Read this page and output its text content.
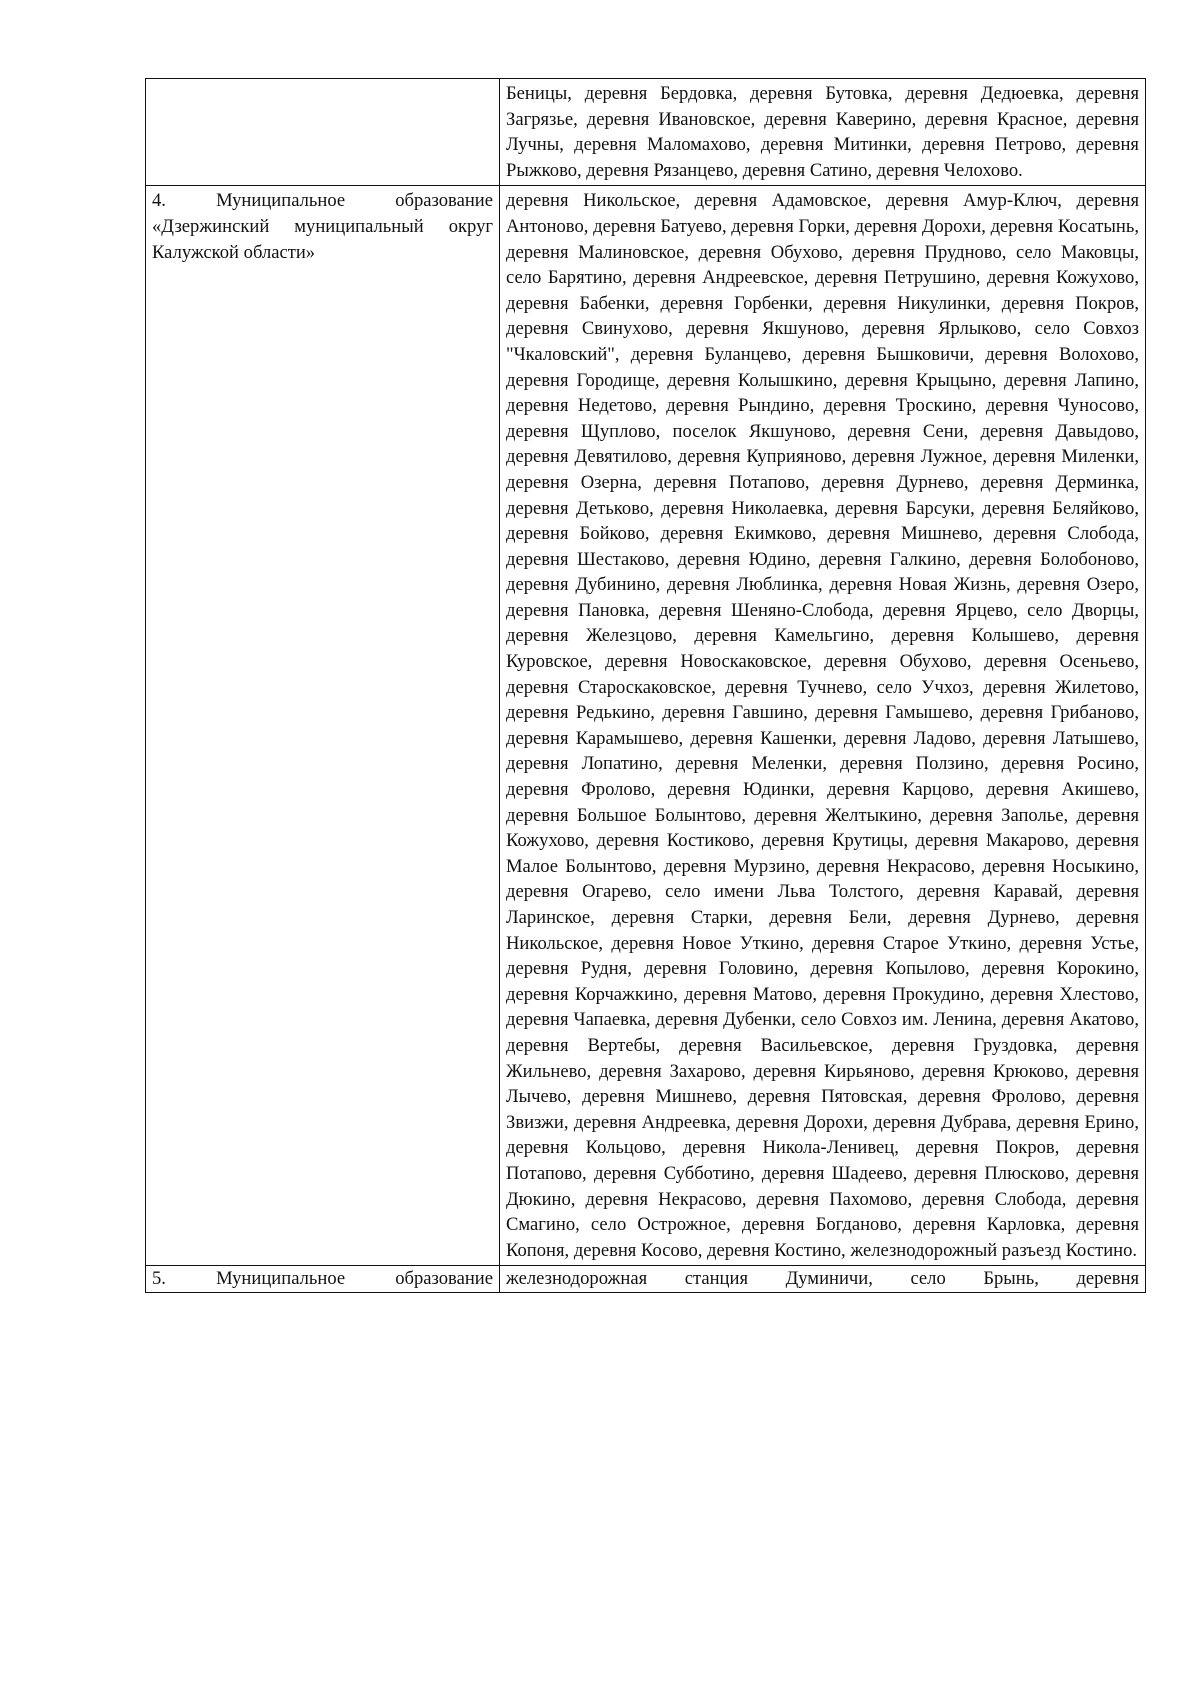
	Беницы, деревня Бердовка, деревня Бутовка, деревня Дедюевка, деревня Загрязье, деревня Ивановское, деревня Каверино, деревня Красное, деревня Лучны, деревня Маломахово, деревня Митинки, деревня Петрово, деревня Рыжково, деревня Рязанцево, деревня Сатино, деревня Челохово.

4. Муниципальное образование «Дзержинский муниципальный округ Калужской области»	деревня Никольское, деревня Адамовское, деревня Амур-Ключ, деревня Антоново, деревня Батуево, деревня Горки, деревня Дорохи, деревня Косатынь, деревня Малиновское, деревня Обухово, деревня Прудново, село Маковцы, село Барятино, деревня Андреевское, деревня Петрушино, деревня Кожухово, деревня Бабенки, деревня Горбенки, деревня Никулинки, деревня Покров, деревня Свинухово, деревня Якшуново, деревня Ярлыково, село Совхоз "Чкаловский", деревня Буланцево, деревня Бышковичи, деревня Волохово, деревня Городище, деревня Колышкино, деревня Крыцыно, деревня Лапино, деревня Недетово, деревня Рындино, деревня Троскино, деревня Чуносово, деревня Щуплово, поселок Якшуново, деревня Сени, деревня Давыдово, деревня Девятилово, деревня Куприяново, деревня Лужное, деревня Миленки, деревня Озерна, деревня Потапово, деревня Дурнево, деревня Дерминка, деревня Детьково, деревня Николаевка, деревня Барсуки, деревня Беляйково, деревня Бойково, деревня Екимково, деревня Мишнево, деревня Слобода, деревня Шестаково, деревня Юдино, деревня Галкино, деревня Болобоново, деревня Дубинино, деревня Люблинка, деревня Новая Жизнь, деревня Озеро, деревня Пановка, деревня Шеняно-Слобода, деревня Ярцево, село Дворцы, деревня Железцово, деревня Камельгино, деревня Колышево, деревня Куровское, деревня Новоскаковское, деревня Обухово, деревня Осеньево, деревня Староскаковское, деревня Тучнево, село Учхоз, деревня Жилетово, деревня Редькино, деревня Гавшино, деревня Гамышево, деревня Грибаново, деревня Карамышево, деревня Кашенки, деревня Ладово, деревня Латышево, деревня Лопатино, деревня Меленки, деревня Ползино, деревня Росино, деревня Фролово, деревня Юдинки, деревня Карцово, деревня Акишево, деревня Большое Болынтово, деревня Желтыкино, деревня Заполье, деревня Кожухово, деревня Костиково, деревня Крутицы, деревня Макарово, деревня Малое Болынтово, деревня Мурзино, деревня Некрасово, деревня Носыкино, деревня Огарево, село имени Льва Толстого, деревня Каравай, деревня Ларинское, деревня Старки, деревня Бели, деревня Дурнево, деревня Никольское, деревня Новое Уткино, деревня Старое Уткино, деревня Устье, деревня Рудня, деревня Головино, деревня Копылово, деревня Корокино, деревня Корчажкино, деревня Матово, деревня Прокудино, деревня Хлестово, деревня Чапаевка, деревня Дубенки, село Совхоз им. Ленина, деревня Акатово, деревня Вертебы, деревня Васильевское, деревня Груздовка, деревня Жильнево, деревня Захарово, деревня Кирьяново, деревня Крюково, деревня Лычево, деревня Мишнево, деревня Пятовская, деревня Фролово, деревня Звизжи, деревня Андреевка, деревня Дорохи, деревня Дубрава, деревня Ерино, деревня Кольцово, деревня Никола-Ленивец, деревня Покров, деревня Потапово, деревня Субботино, деревня Шадеево, деревня Плюсково, деревня Дюкино, деревня Некрасово, деревня Пахомово, деревня Слобода, деревня Смагино, село Острожное, деревня Богданово, деревня Карловка, деревня Копоня, деревня Косово, деревня Костино, железнодорожный разъезд Костино.

5. Муниципальное образование	железнодорожная станция Думиничи, село Брынь, деревня
